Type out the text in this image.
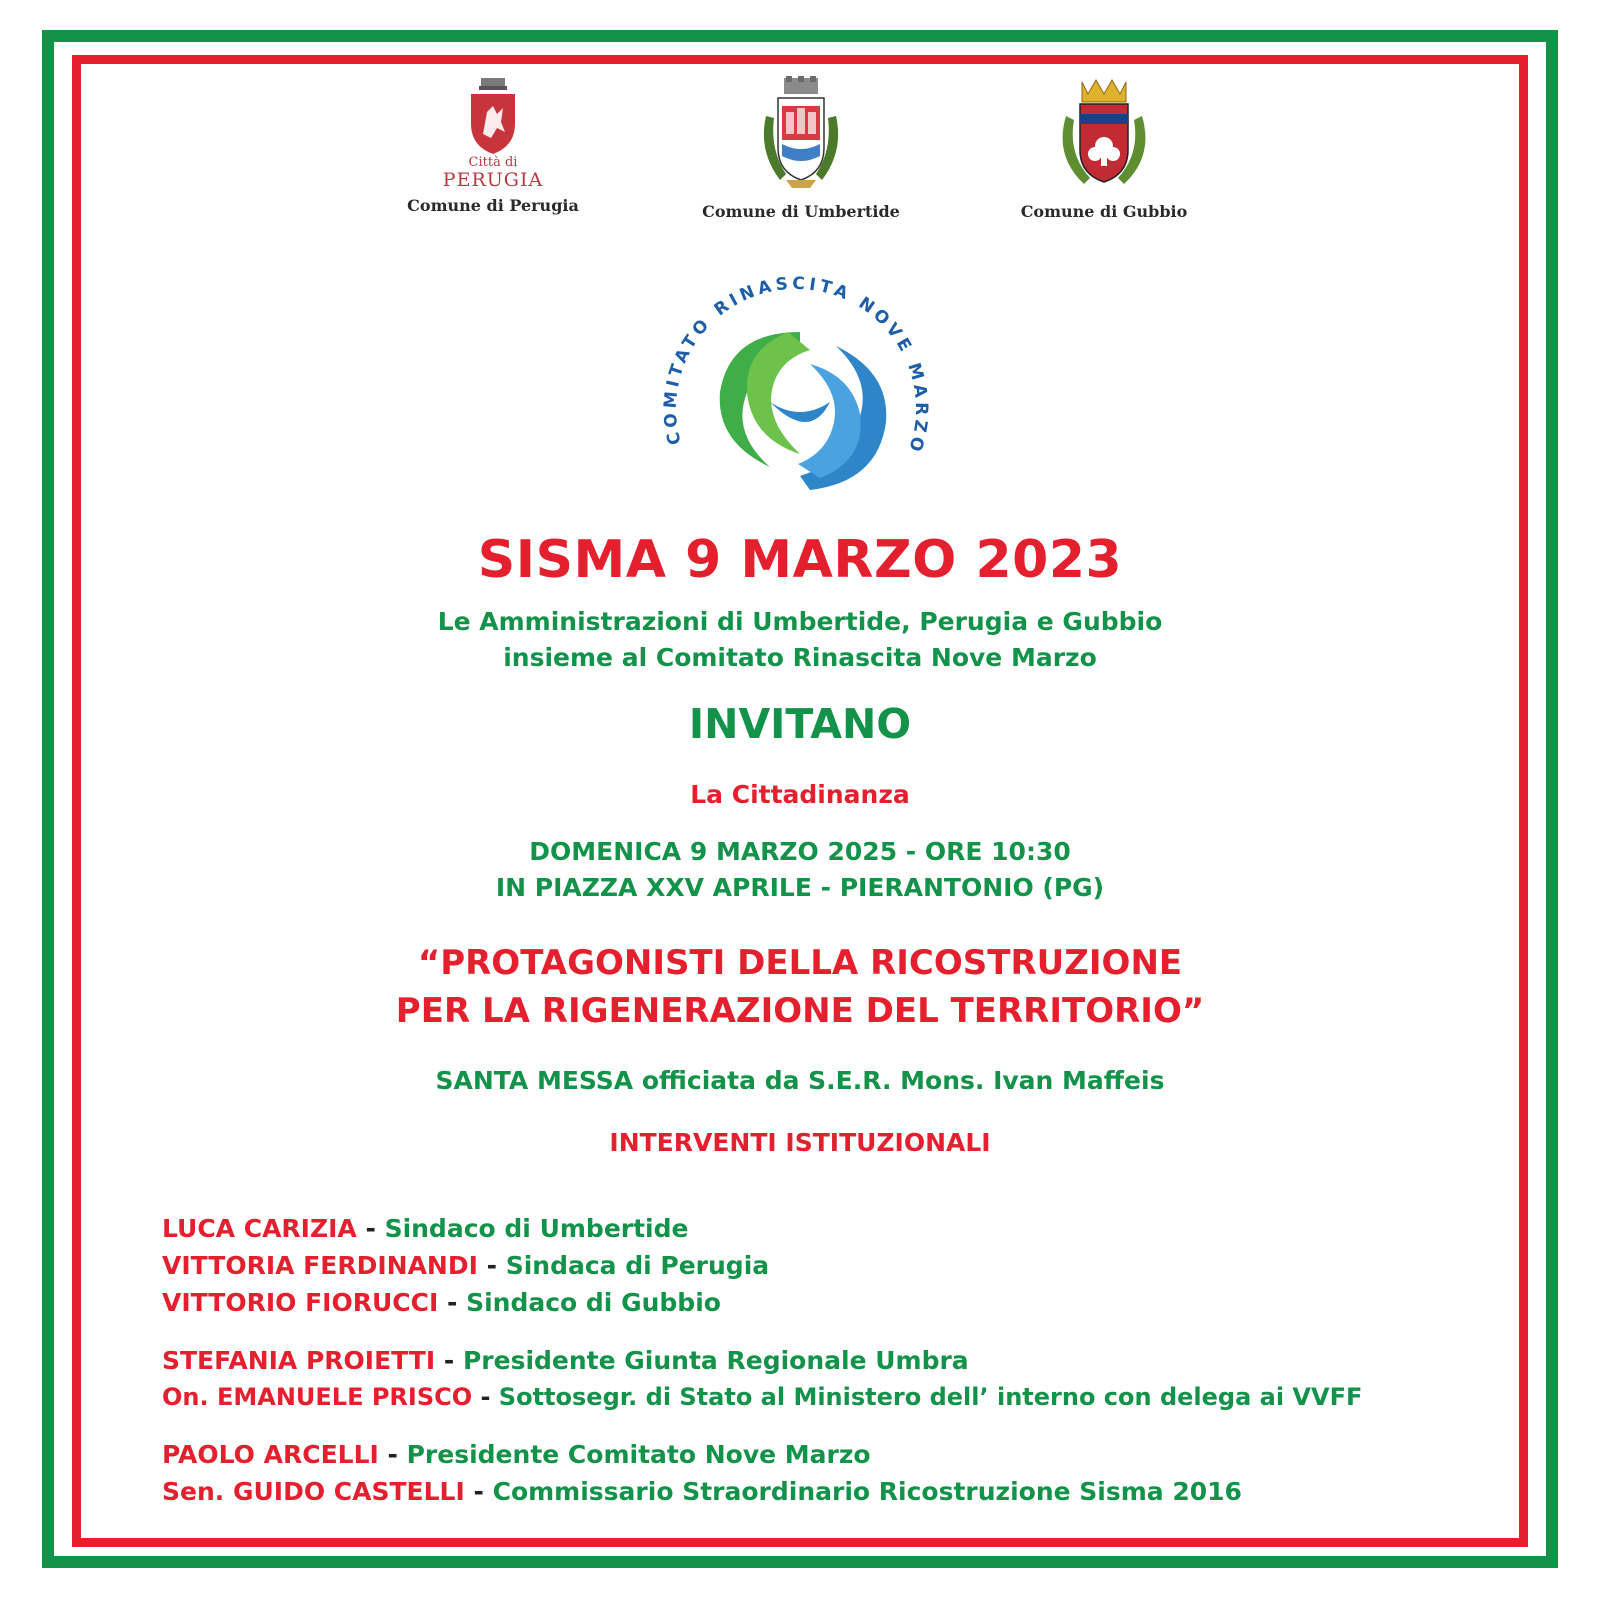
Città di
PERUGIA
Comune di Perugia	Comune di Umbertide	Comune di Gubbio
COMITATO RINASCITA NOVE MARZO
SISMA 9 MARZO 2023
Le Amministrazioni di Umbertide, Perugia e Gubbio
insieme al Comitato Rinascita Nove Marzo
INVITANO
La Cittadinanza
DOMENICA 9 MARZO 2025 - ORE 10:30
IN PIAZZA XXV APRILE - PIERANTONIO (PG)
“PROTAGONISTI DELLA RICOSTRUZIONE
PER LA RIGENERAZIONE DEL TERRITORIO”
SANTA MESSA officiata da S.E.R. Mons. Ivan Maffeis
INTERVENTI ISTITUZIONALI
LUCA CARIZIA - Sindaco di Umbertide
VITTORIA FERDINANDI - Sindaca di Perugia
VITTORIO FIORUCCI - Sindaco di Gubbio
STEFANIA PROIETTI - Presidente Giunta Regionale Umbra
On. EMANUELE PRISCO - Sottosegr. di Stato al Ministero dell’ interno con delega ai VVFF
PAOLO ARCELLI - Presidente Comitato Nove Marzo
Sen. GUIDO CASTELLI - Commissario Straordinario Ricostruzione Sisma 2016
